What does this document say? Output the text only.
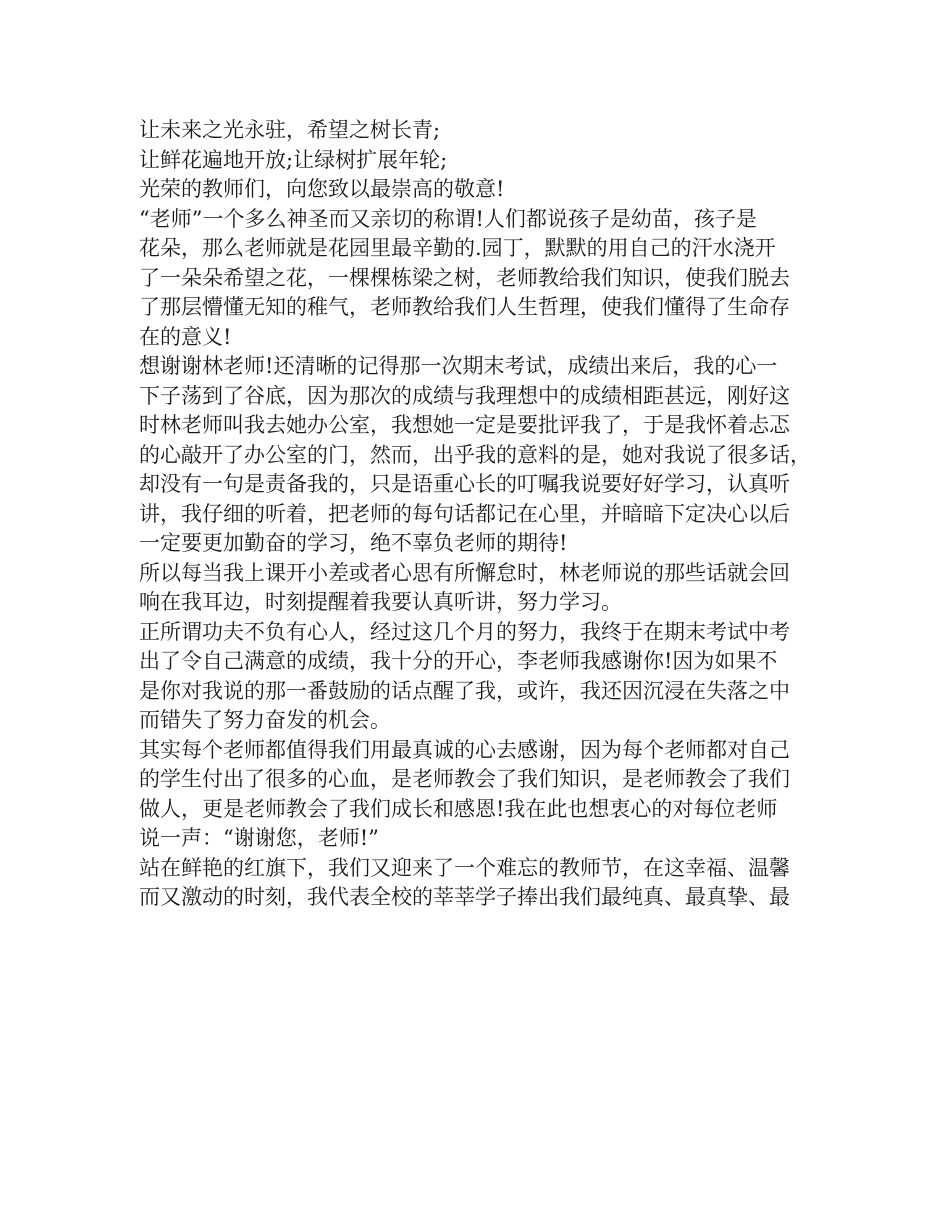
让未来之光永驻，希望之树长青;
让鲜花遍地开放;让绿树扩展年轮;
光荣的教师们，向您致以最崇高的敬意!
“老师”一个多么神圣而又亲切的称谓!人们都说孩子是幼苗，孩子是
花朵，那么老师就是花园里最辛勤的.园丁，默默的用自己的汗水浇开
了一朵朵希望之花，一棵棵栋梁之树，老师教给我们知识，使我们脱去
了那层懵懂无知的稚气，老师教给我们人生哲理，使我们懂得了生命存
在的意义!
想谢谢林老师!还清晰的记得那一次期末考试，成绩出来后，我的心一
下子荡到了谷底，因为那次的成绩与我理想中的成绩相距甚远，刚好这
时林老师叫我去她办公室，我想她一定是要批评我了，于是我怀着忐忑
的心敲开了办公室的门，然而，出乎我的意料的是，她对我说了很多话，
却没有一句是责备我的，只是语重心长的叮嘱我说要好好学习，认真听
讲，我仔细的听着，把老师的每句话都记在心里，并暗暗下定决心以后
一定要更加勤奋的学习，绝不辜负老师的期待!
所以每当我上课开小差或者心思有所懈怠时，林老师说的那些话就会回
响在我耳边，时刻提醒着我要认真听讲，努力学习。
正所谓功夫不负有心人，经过这几个月的努力，我终于在期末考试中考
出了令自己满意的成绩，我十分的开心，李老师我感谢你!因为如果不
是你对我说的那一番鼓励的话点醒了我，或许，我还因沉浸在失落之中
而错失了努力奋发的机会。
其实每个老师都值得我们用最真诚的心去感谢，因为每个老师都对自己
的学生付出了很多的心血，是老师教会了我们知识，是老师教会了我们
做人，更是老师教会了我们成长和感恩!我在此也想衷心的对每位老师
说一声：“谢谢您，老师!”
站在鲜艳的红旗下，我们又迎来了一个难忘的教师节，在这幸福、温馨
而又激动的时刻，我代表全校的莘莘学子捧出我们最纯真、最真挚、最
